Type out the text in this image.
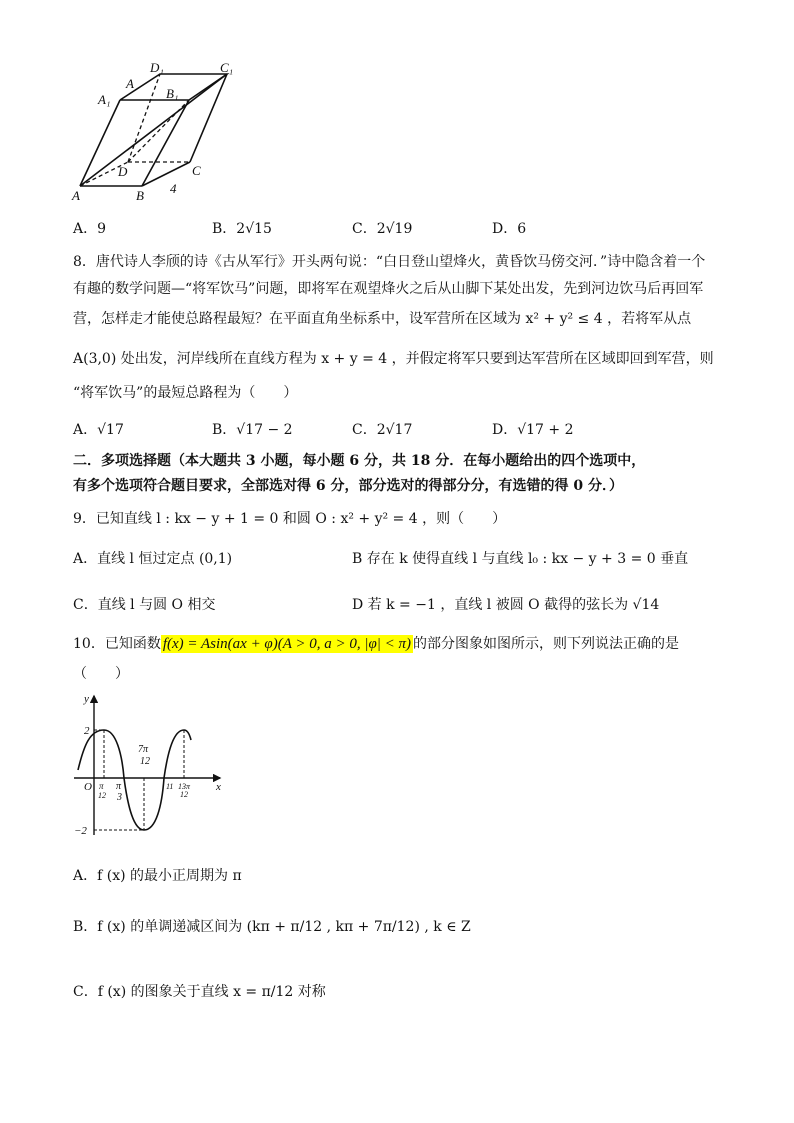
A	B
C
D
A₁	B₁
C₁
D₁
A
4
A．9	B．2√15	C．2√19	D．6
8．唐代诗人李颀的诗《古从军行》开头两句说：“白日登山望烽火，黄昏饮马傍交河．”诗中隐含着一个
有趣的数学问题—“将军饮马”问题，即将军在观望烽火之后从山脚下某处出发，先到河边饮马后再回军
营，怎样走才能使总路程最短？在平面直角坐标系中，设军营所在区域为 x² + y² ≤ 4 ，若将军从点
A(3,0) 处出发，河岸线所在直线方程为 x + y = 4 ，并假定将军只要到达军营所在区域即回到军营，则
“将军饮马”的最短总路程为（　　）
A．√17	B．√17 − 2	C．2√17	D．√17 + 2
二．多项选择题（本大题共 3 小题，每小题 6 分，共 18 分．在每小题给出的四个选项中，
有多个选项符合题目要求，全部选对得 6 分，部分选对的得部分分，有选错的得 0 分．）
9．已知直线 l : kx − y + 1 = 0 和圆 O : x² + y² = 4 ，则（　　）
A．直线 l 恒过定点 (0,1)	B 存在 k 使得直线 l 与直线 l₀ : kx − y + 3 = 0 垂直
C．直线 l 与圆 O 相交	D 若 k = −1 ，直线 l 被圆 O 截得的弦长为 √14
10．已知函数 f(x) = Asin(ax + φ)(A > 0, a > 0, |φ| < π) 的部分图象如图所示，则下列说法正确的是
（　　）
y
x
O
2
−2
π
12
π
3
7π
12
11 13π
12
A．f (x) 的最小正周期为 π
B．f (x) 的单调递减区间为 (kπ + π/12 , kπ + 7π/12) , k ∈ Z
C．f (x) 的图象关于直线 x = π/12 对称
